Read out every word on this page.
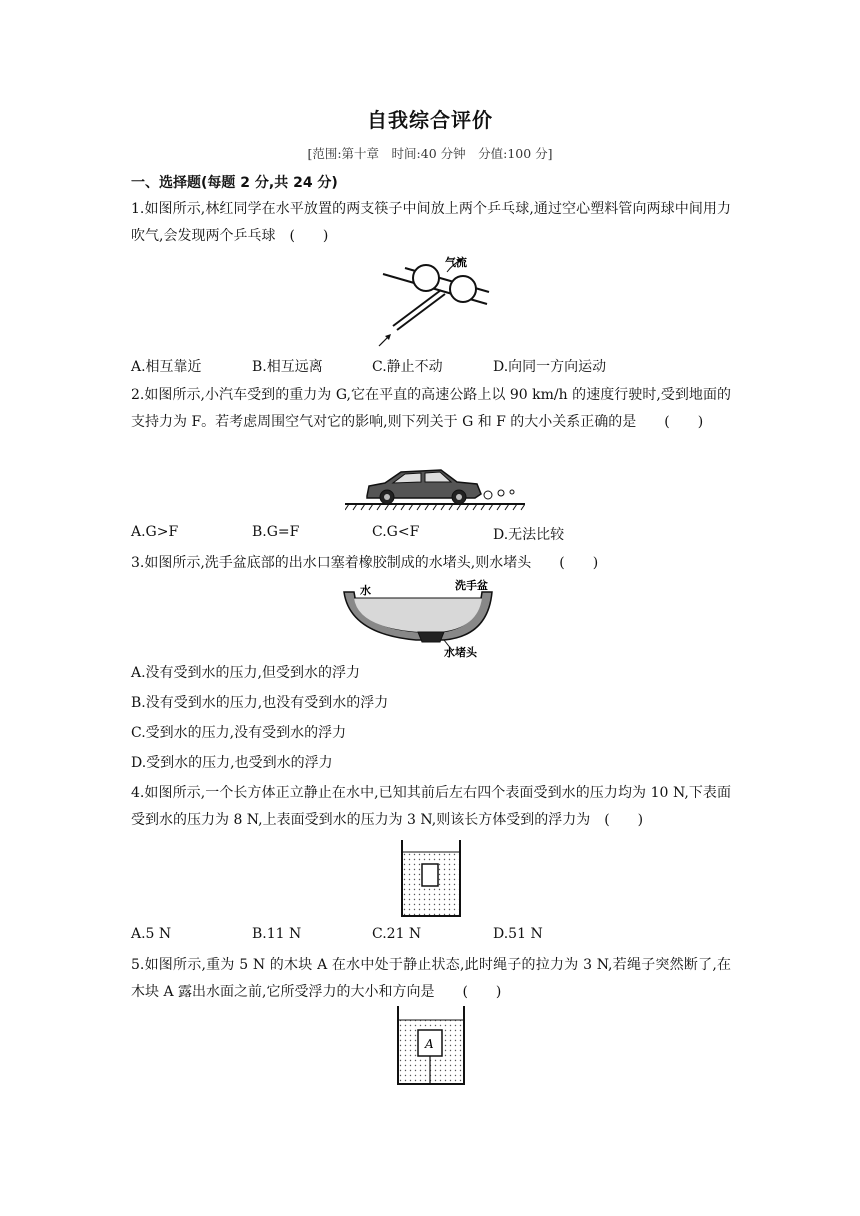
自我综合评价
[范围:第十章　时间:40 分钟　分值:100 分]
一、选择题(每题 2 分,共 24 分)
1.如图所示,林红同学在水平放置的两支筷子中间放上两个乒乓球,通过空心塑料管向两球中间用力吹气,会发现两个乒乓球　(　　)
气流
A.相互靠近	B.相互远离	C.静止不动	D.向同一方向运动
2.如图所示,小汽车受到的重力为 G,它在平直的高速公路上以 90 km/h 的速度行驶时,受到地面的支持力为 F。若考虑周围空气对它的影响,则下列关于 G 和 F 的大小关系正确的是　　(　　)
A.G>F	B.G=F	C.G<F	D.无法比较
3.如图所示,洗手盆底部的出水口塞着橡胶制成的水堵头,则水堵头　　(　　)
水	洗手盆
水堵头
A.没有受到水的压力,但受到水的浮力
B.没有受到水的压力,也没有受到水的浮力
C.受到水的压力,没有受到水的浮力
D.受到水的压力,也受到水的浮力
4.如图所示,一个长方体正立静止在水中,已知其前后左右四个表面受到水的压力均为 10 N,下表面受到水的压力为 8 N,上表面受到水的压力为 3 N,则该长方体受到的浮力为　(　　)
A.5 N	B.11 N	C.21 N	D.51 N
5.如图所示,重为 5 N 的木块 A 在水中处于静止状态,此时绳子的拉力为 3 N,若绳子突然断了,在木块 A 露出水面之前,它所受浮力的大小和方向是　　(　　)
A
